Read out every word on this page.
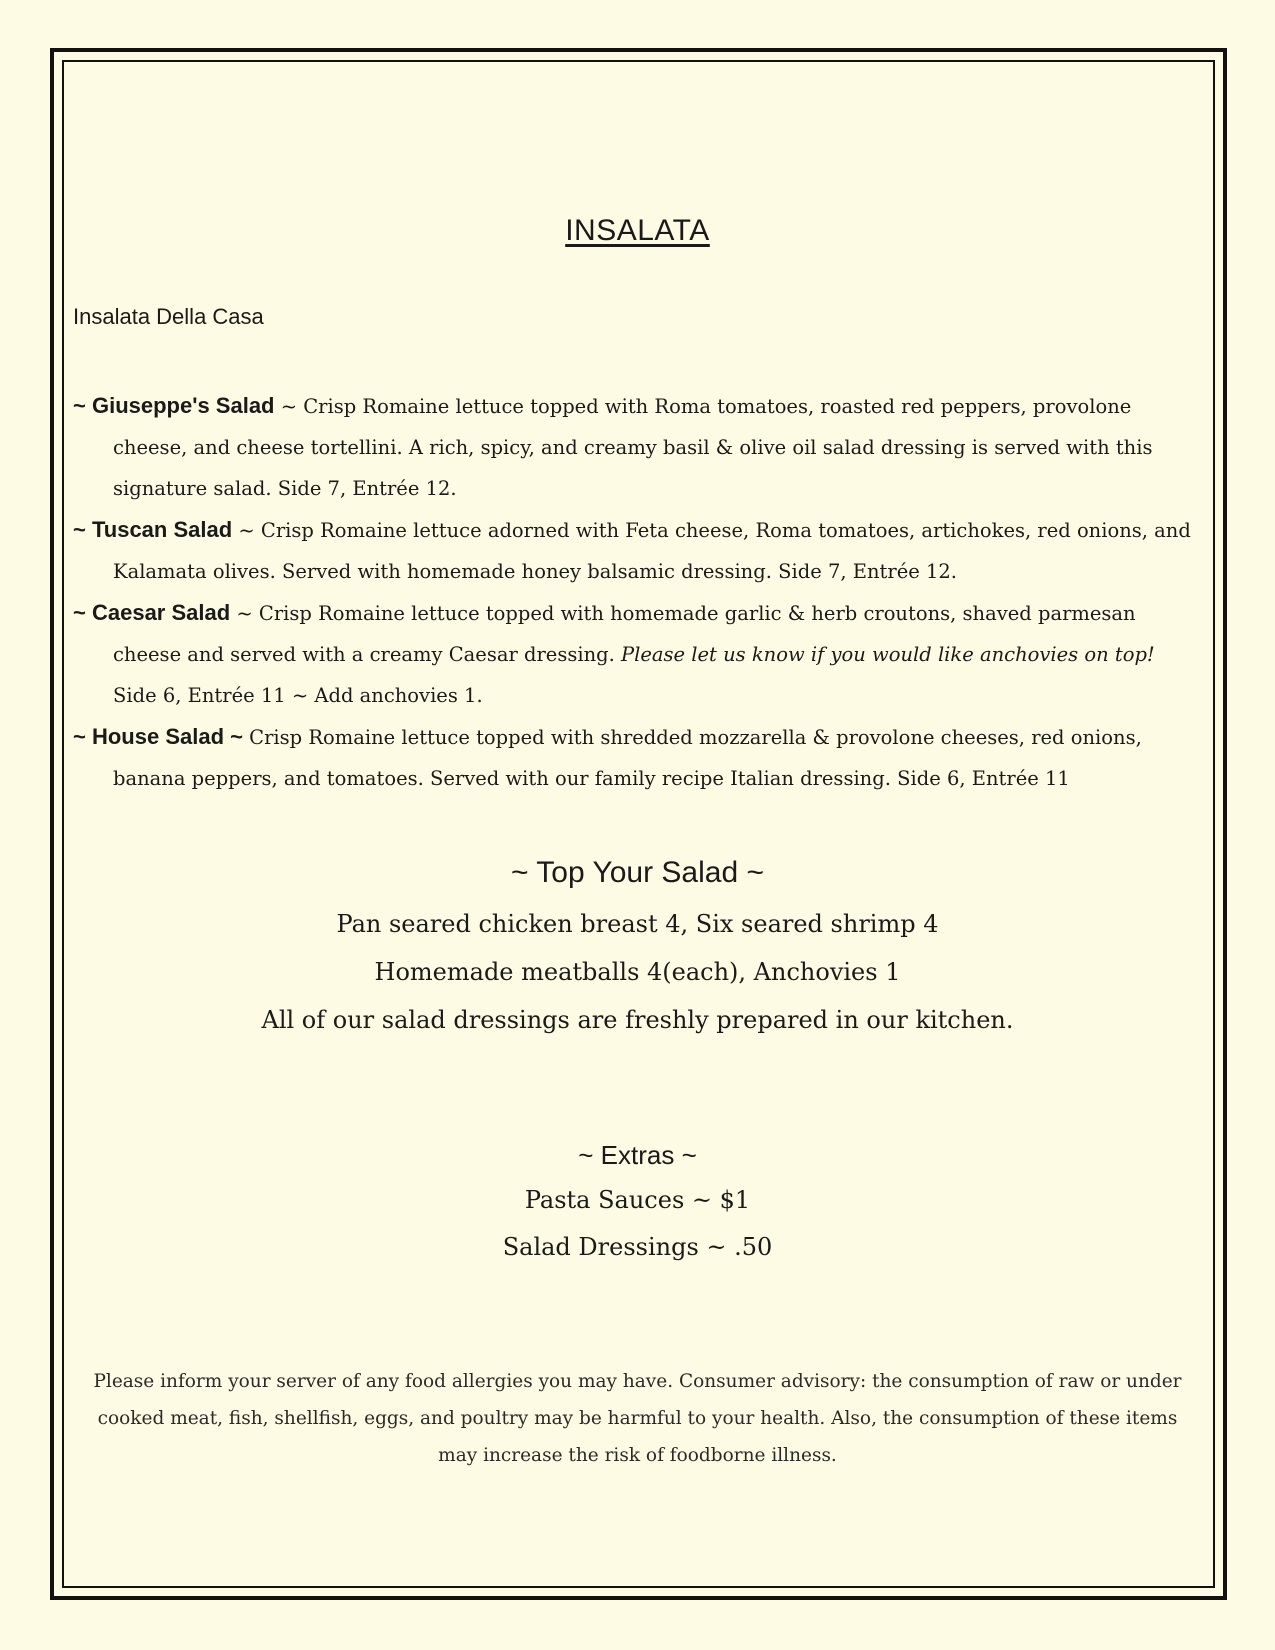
INSALATA
Insalata Della Casa
~ Giuseppe's Salad ~ Crisp Romaine lettuce topped with Roma tomatoes, roasted red peppers, provolone cheese, and cheese tortellini. A rich, spicy, and creamy basil & olive oil salad dressing is served with this signature salad. Side 7, Entrée 12.
~ Tuscan Salad ~ Crisp Romaine lettuce adorned with Feta cheese, Roma tomatoes, artichokes, red onions, and Kalamata olives. Served with homemade honey balsamic dressing. Side 7, Entrée 12.
~ Caesar Salad ~ Crisp Romaine lettuce topped with homemade garlic & herb croutons, shaved parmesan cheese and served with a creamy Caesar dressing. Please let us know if you would like anchovies on top! Side 6, Entrée 11 ~ Add anchovies 1.
~ House Salad ~ Crisp Romaine lettuce topped with shredded mozzarella & provolone cheeses, red onions, banana peppers, and tomatoes. Served with our family recipe Italian dressing. Side 6, Entrée 11
~ Top Your Salad ~
Pan seared chicken breast 4, Six seared shrimp 4
Homemade meatballs 4(each), Anchovies 1
All of our salad dressings are freshly prepared in our kitchen.
~ Extras ~
Pasta Sauces ~ $1
Salad Dressings ~ .50

Please inform your server of any food allergies you may have. Consumer advisory: the consumption of raw or under cooked meat, fish, shellfish, eggs, and poultry may be harmful to your health. Also, the consumption of these items may increase the risk of foodborne illness.
